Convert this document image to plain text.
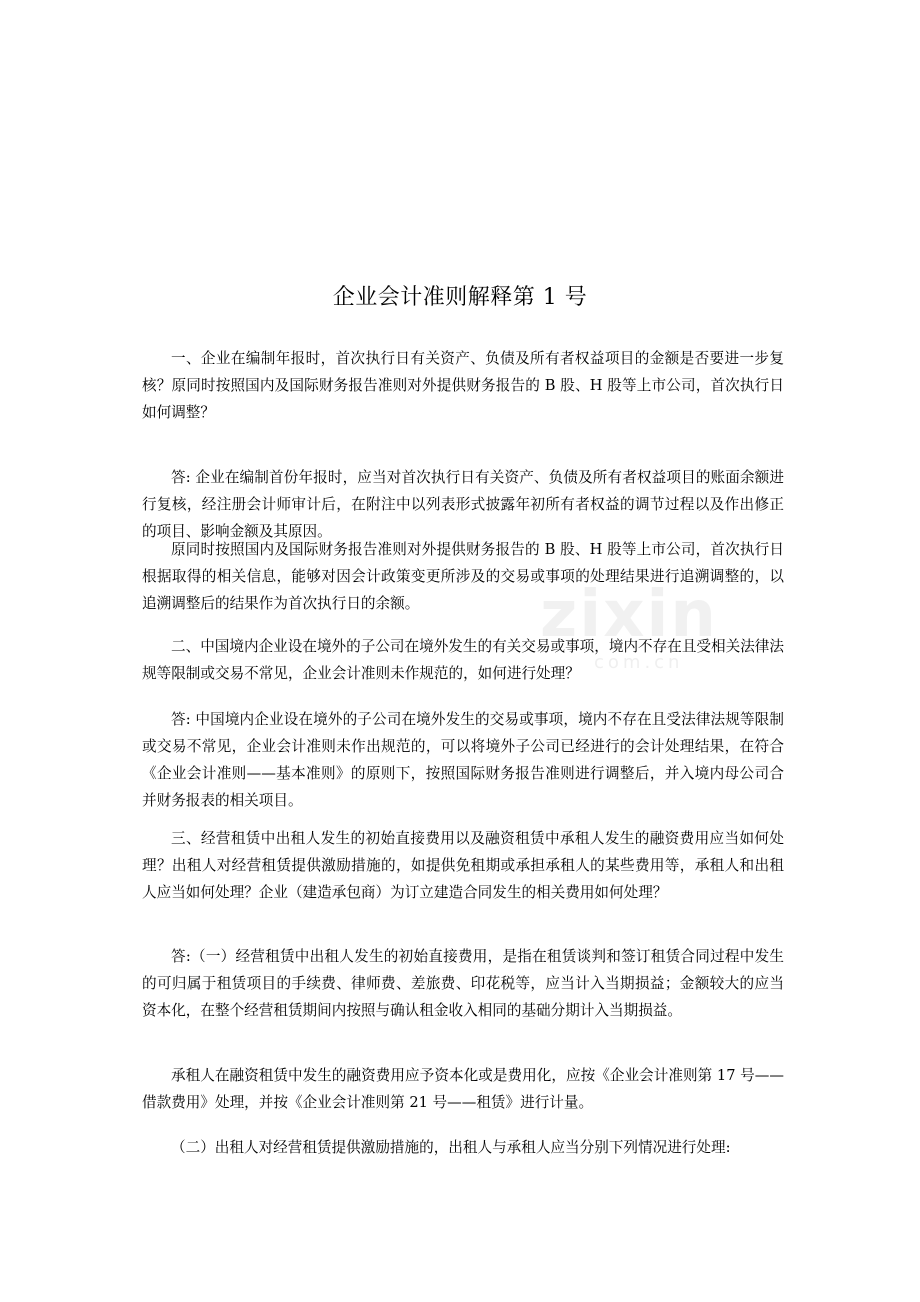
zixin
com.cn
企业会计准则解释第 1 号

一、企业在编制年报时，首次执行日有关资产、负债及所有者权益项目的金额是否要进一步复核？原同时按照国内及国际财务报告准则对外提供财务报告的 B 股、H 股等上市公司，首次执行日如何调整？

答: 企业在编制首份年报时，应当对首次执行日有关资产、负债及所有者权益项目的账面余额进行复核，经注册会计师审计后，在附注中以列表形式披露年初所有者权益的调节过程以及作出修正的项目、影响金额及其原因。

原同时按照国内及国际财务报告准则对外提供财务报告的 B 股、H 股等上市公司，首次执行日根据取得的相关信息，能够对因会计政策变更所涉及的交易或事项的处理结果进行追溯调整的，以追溯调整后的结果作为首次执行日的余额。

二、中国境内企业设在境外的子公司在境外发生的有关交易或事项，境内不存在且受相关法律法规等限制或交易不常见，企业会计准则未作规范的，如何进行处理？

答: 中国境内企业设在境外的子公司在境外发生的交易或事项，境内不存在且受法律法规等限制或交易不常见，企业会计准则未作出规范的，可以将境外子公司已经进行的会计处理结果，在符合《企业会计准则——基本准则》的原则下，按照国际财务报告准则进行调整后，并入境内母公司合并财务报表的相关项目。

三、经营租赁中出租人发生的初始直接费用以及融资租赁中承租人发生的融资费用应当如何处理？出租人对经营租赁提供激励措施的，如提供免租期或承担承租人的某些费用等，承租人和出租人应当如何处理？企业（建造承包商）为订立建造合同发生的相关费用如何处理？

答:（一）经营租赁中出租人发生的初始直接费用，是指在租赁谈判和签订租赁合同过程中发生的可归属于租赁项目的手续费、律师费、差旅费、印花税等，应当计入当期损益；金额较大的应当资本化，在整个经营租赁期间内按照与确认租金收入相同的基础分期计入当期损益。

承租人在融资租赁中发生的融资费用应予资本化或是费用化，应按《企业会计准则第 17 号——借款费用》处理，并按《企业会计准则第 21 号——租赁》进行计量。

（二）出租人对经营租赁提供激励措施的，出租人与承租人应当分别下列情况进行处理:
